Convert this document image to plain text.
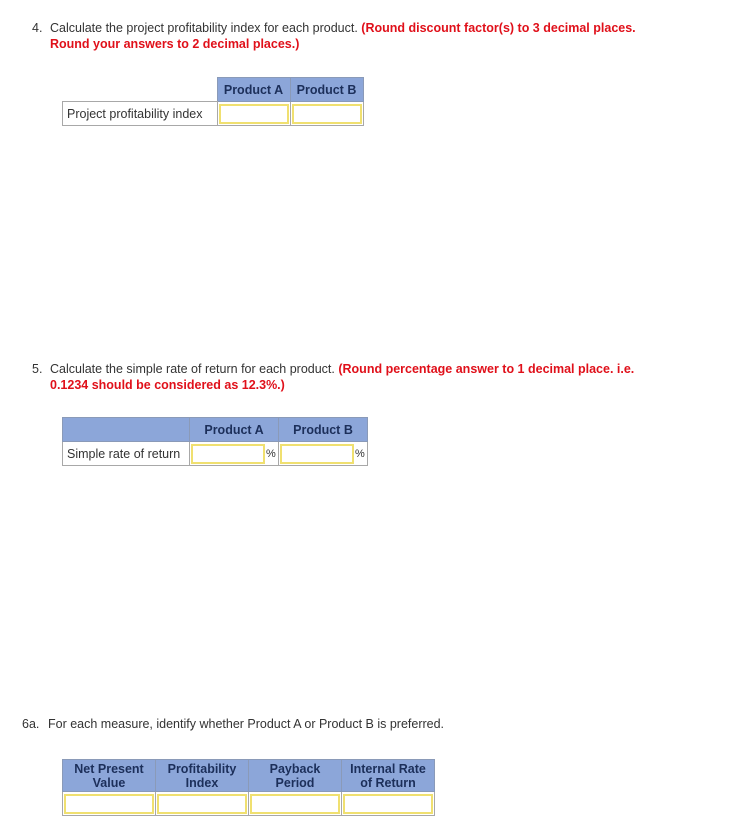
4. Calculate the project profitability index for each product. (Round discount factor(s) to 3 decimal places. Round your answers to 2 decimal places.)
	Product A	Product B
Project profitability index	

5. Calculate the simple rate of return for each product. (Round percentage answer to 1 decimal place. i.e. 0.1234 should be considered as 12.3%.)
	Product A	Product B
Simple rate of return	%	%
6a. For each measure, identify whether Product A or Product B is preferred.
Net Present Value	Profitability Index	Payback Period	Internal Rate of Return
